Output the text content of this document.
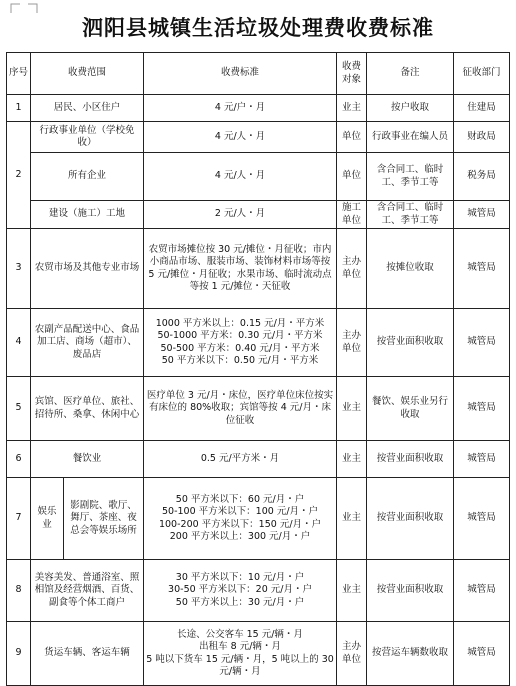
泗阳县城镇生活垃圾处理费收费标准
序号	收费范围		收费标准	收费对象	备注	征收部门
1	居民、小区住户		4 元/户・月	业主	按户收取	住建局
2	行政事业单位（学校免收）		4 元/人・月	单位	行政事业在编人员	财政局
	所有企业		4 元/人・月	单位	含合同工、临时工、季节工等	税务局
	建设（施工）工地		2 元/人・月	施工单位	含合同工、临时工、季节工等	城管局
3	农贸市场及其他专业市场		农贸市场摊位按 30 元/摊位・月征收；市内小商品市场、服装市场、装饰材料市场等按 5 元/摊位・月征收；水果市场、临时流动点等按 1 元/摊位・天征收	主办单位	按摊位收取	城管局
4	农副产品配送中心、食品加工店、商场（超市）、废品店		1000 平方米以上：0.15 元/月・平方米
50-1000 平方米：0.30 元/月・平方米
50-500 平方米：0.40 元/月・平方米
50 平方米以下：0.50 元/月・平方米	主办单位	按营业面积收取	城管局
5	宾馆、医疗单位、旅社、招待所、桑拿、休闲中心		医疗单位 3 元/月・床位，医疗单位床位按实有床位的 80%收取；宾馆等按 4 元/月・床位征收	业主	餐饮、娱乐业另行收取	城管局
6	餐饮业		0.5 元/平方米・月	业主	按营业面积收取	城管局
7	娱乐业	影剧院、歌厅、舞厅、茶座、夜总会等娱乐场所	50 平方米以下：60 元/月・户
50-100 平方米以下：100 元/月・户
100-200 平方米以下：150 元/月・户
200 平方米以上：300 元/月・户	业主	按营业面积收取	城管局
8	美容美发、普通浴室、照相馆及经营烟酒、百货、副食等个体工商户		30 平方米以下：10 元/月・户
30-50 平方米以下：20 元/月・户
50 平方米以上：30 元/月・户	业主	按营业面积收取	城管局
9	货运车辆、客运车辆		长途、公交客车 15 元/辆・月
出租车 8 元/辆・月
5 吨以下货车 15 元/辆・月，5 吨以上的 30 元/辆・月	主办单位	按营运车辆数收取	城管局
